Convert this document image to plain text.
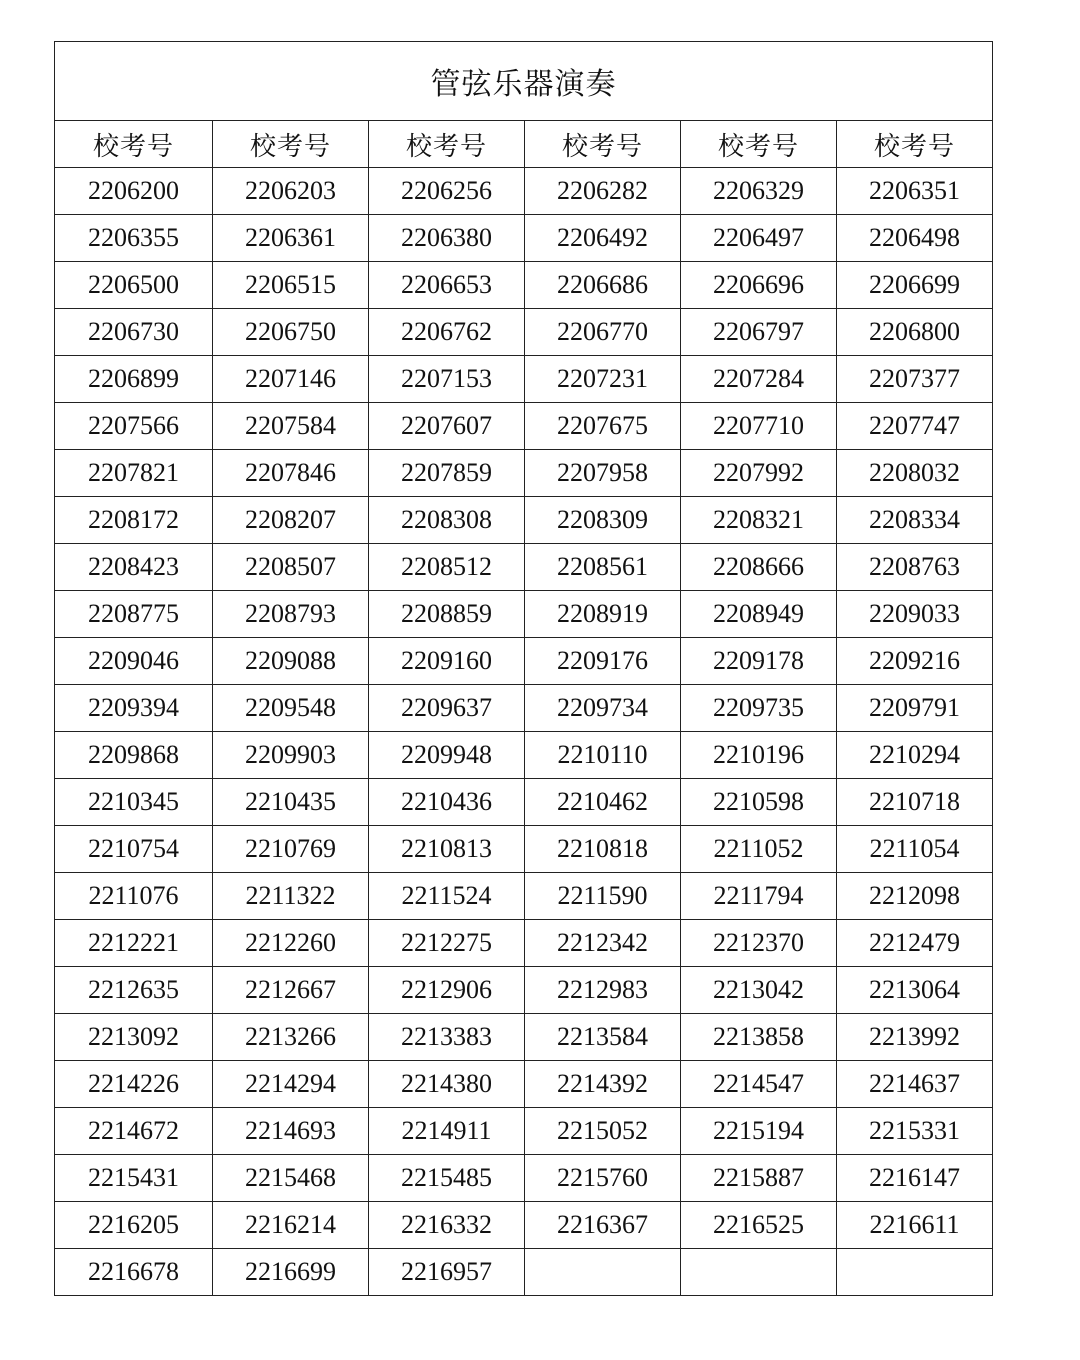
管弦乐器演奏					
校考号	校考号	校考号	校考号	校考号	校考号
2206200	2206203	2206256	2206282	2206329	2206351
2206355	2206361	2206380	2206492	2206497	2206498
2206500	2206515	2206653	2206686	2206696	2206699
2206730	2206750	2206762	2206770	2206797	2206800
2206899	2207146	2207153	2207231	2207284	2207377
2207566	2207584	2207607	2207675	2207710	2207747
2207821	2207846	2207859	2207958	2207992	2208032
2208172	2208207	2208308	2208309	2208321	2208334
2208423	2208507	2208512	2208561	2208666	2208763
2208775	2208793	2208859	2208919	2208949	2209033
2209046	2209088	2209160	2209176	2209178	2209216
2209394	2209548	2209637	2209734	2209735	2209791
2209868	2209903	2209948	2210110	2210196	2210294
2210345	2210435	2210436	2210462	2210598	2210718
2210754	2210769	2210813	2210818	2211052	2211054
2211076	2211322	2211524	2211590	2211794	2212098
2212221	2212260	2212275	2212342	2212370	2212479
2212635	2212667	2212906	2212983	2213042	2213064
2213092	2213266	2213383	2213584	2213858	2213992
2214226	2214294	2214380	2214392	2214547	2214637
2214672	2214693	2214911	2215052	2215194	2215331
2215431	2215468	2215485	2215760	2215887	2216147
2216205	2216214	2216332	2216367	2216525	2216611
2216678	2216699	2216957			
